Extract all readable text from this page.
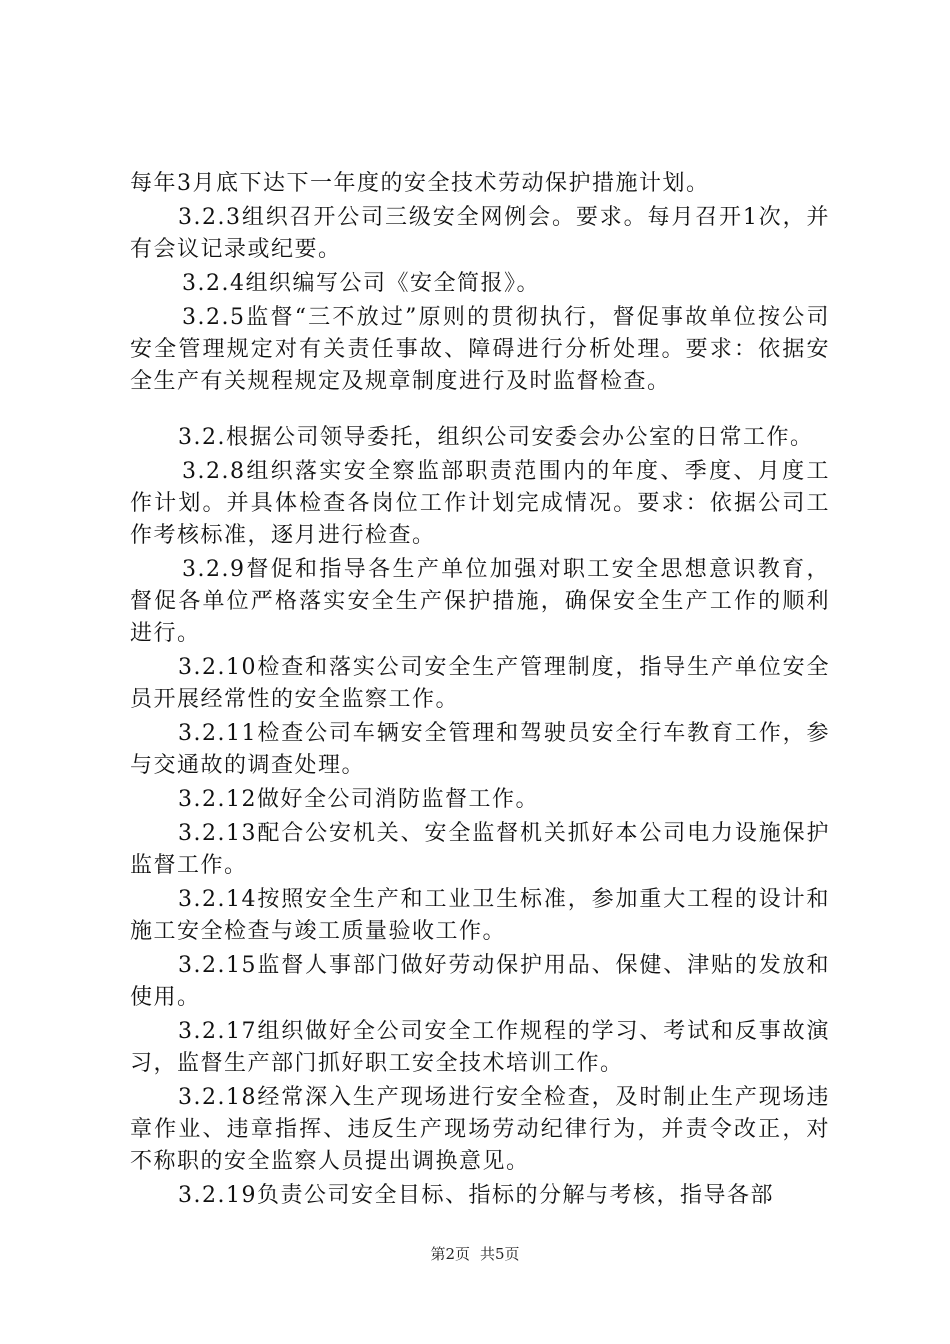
每年3月底下达下一年度的安全技术劳动保护措施计划。

3.2.3组织召开公司三级安全网例会。要求。每月召开1次，并有会议记录或纪要。

3.2.4组织编写公司《安全简报》。

3.2.5监督“三不放过”原则的贯彻执行，督促事故单位按公司安全管理规定对有关责任事故、障碍进行分析处理。要求：依据安全生产有关规程规定及规章制度进行及时监督检查。

3.2.根据公司领导委托，组织公司安委会办公室的日常工作。

3.2.8组织落实安全察监部职责范围内的年度、季度、月度工作计划。并具体检查各岗位工作计划完成情况。要求：依据公司工作考核标准，逐月进行检查。

3.2.9督促和指导各生产单位加强对职工安全思想意识教育，督促各单位严格落实安全生产保护措施，确保安全生产工作的顺利进行。

3.2.10检查和落实公司安全生产管理制度，指导生产单位安全员开展经常性的安全监察工作。

3.2.11检查公司车辆安全管理和驾驶员安全行车教育工作，参与交通故的调查处理。

3.2.12做好全公司消防监督工作。

3.2.13配合公安机关、安全监督机关抓好本公司电力设施保护监督工作。

3.2.14按照安全生产和工业卫生标准，参加重大工程的设计和施工安全检查与竣工质量验收工作。

3.2.15监督人事部门做好劳动保护用品、保健、津贴的发放和使用。

3.2.17组织做好全公司安全工作规程的学习、考试和反事故演习，监督生产部门抓好职工安全技术培训工作。

3.2.18经常深入生产现场进行安全检查，及时制止生产现场违章作业、违章指挥、违反生产现场劳动纪律行为，并责令改正，对不称职的安全监察人员提出调换意见。

3.2.19负责公司安全目标、指标的分解与考核，指导各部

第2页 共5页
